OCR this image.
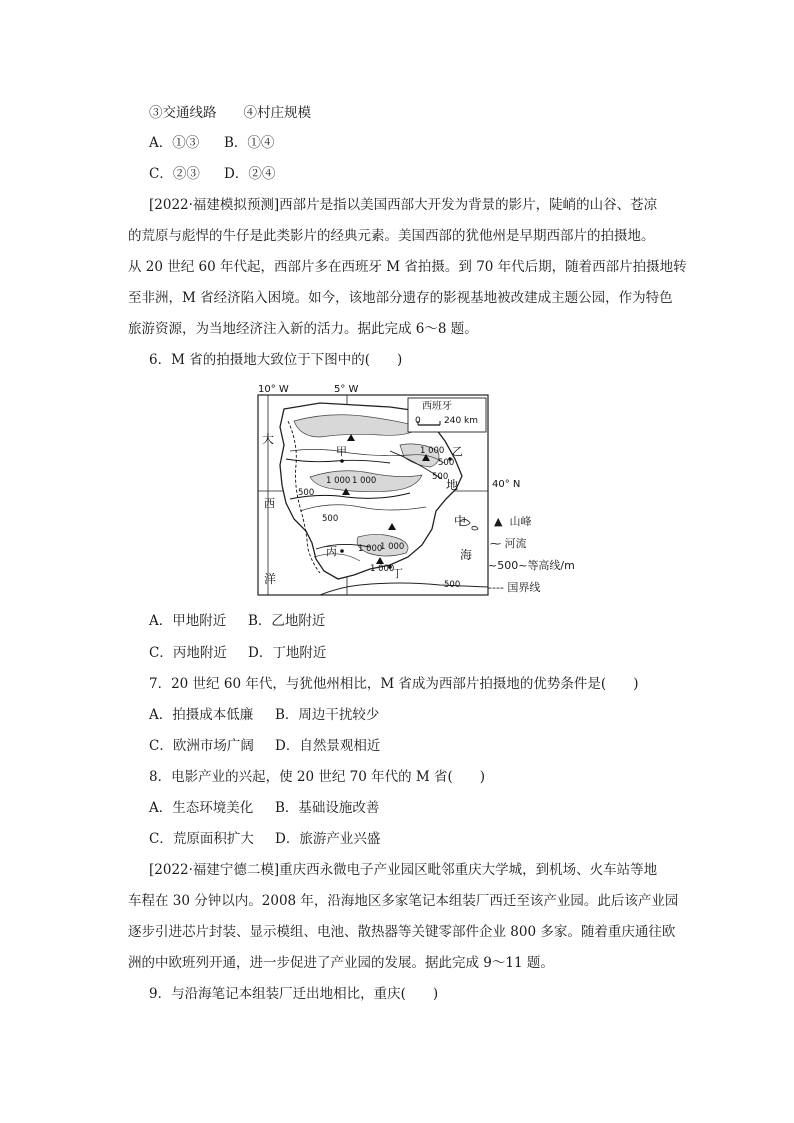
③交通线路　　④村庄规模
A．①③ B．①④
C．②③ D．②④
[2022·福建模拟预测]西部片是指以美国西部大开发为背景的影片，陡峭的山谷、苍凉
的荒原与彪悍的牛仔是此类影片的经典元素。美国西部的犹他州是早期西部片的拍摄地。
从 20 世纪 60 年代起，西部片多在西班牙 M 省拍摄。到 70 年代后期，随着西部片拍摄地转
至非洲，M 省经济陷入困境。如今，该地部分遗存的影视基地被改建成主题公园，作为特色
旅游资源，为当地经济注入新的活力。据此完成 6～8 题。
6．M 省的拍摄地大致位于下图中的(　　)
10° W	5° W
西班牙
0	240 km
大
西
洋
地
中
海
甲	乙
丙
丁
1 000 1 000
1 000
1 000
1 000
1 000
500
500
500
500
500
40° N
▲ 山峰
⁓ 河流
~500~等高线/m
---- 国界线
A．甲地附近 B．乙地附近
C．丙地附近 D．丁地附近
7．20 世纪 60 年代，与犹他州相比，M 省成为西部片拍摄地的优势条件是(　　)
A．拍摄成本低廉 B．周边干扰较少
C．欧洲市场广阔 D．自然景观相近
8．电影产业的兴起，使 20 世纪 70 年代的 M 省(　　)
A．生态环境美化 B．基础设施改善
C．荒原面积扩大 D．旅游产业兴盛
[2022·福建宁德二模]重庆西永微电子产业园区毗邻重庆大学城，到机场、火车站等地
车程在 30 分钟以内。2008 年，沿海地区多家笔记本组装厂西迁至该产业园。此后该产业园
逐步引进芯片封装、显示模组、电池、散热器等关键零部件企业 800 多家。随着重庆通往欧
洲的中欧班列开通，进一步促进了产业园的发展。据此完成 9～11 题。
9．与沿海笔记本组装厂迁出地相比，重庆(　　)
